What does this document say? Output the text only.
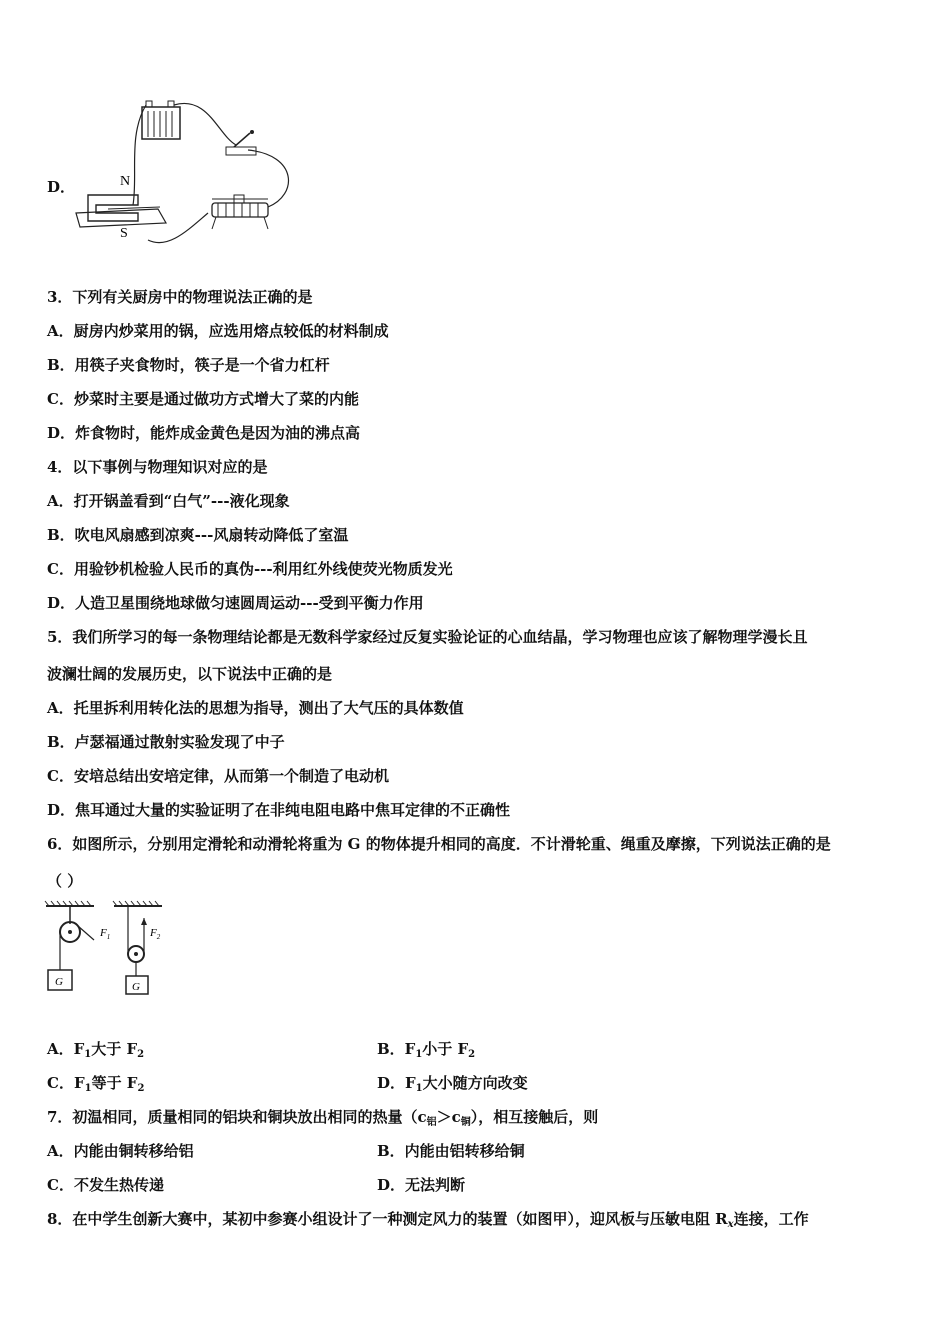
D．	N
S
3．下列有关厨房中的物理说法正确的是
A．厨房内炒菜用的锅，应选用熔点较低的材料制成
B．用筷子夹食物时，筷子是一个省力杠杆
C．炒菜时主要是通过做功方式增大了菜的内能
D．炸食物时，能炸成金黄色是因为油的沸点高
4．以下事例与物理知识对应的是
A．打开锅盖看到“白气”---液化现象
B．吹电风扇感到凉爽---风扇转动降低了室温
C．用验钞机检验人民币的真伪---利用红外线使荧光物质发光
D．人造卫星围绕地球做匀速圆周运动---受到平衡力作用
5．我们所学习的每一条物理结论都是无数科学家经过反复实验论证的心血结晶，学习物理也应该了解物理学漫长且
波澜壮阔的发展历史，以下说法中正确的是
A．托里拆利用转化法的思想为指导，测出了大气压的具体数值
B．卢瑟福通过散射实验发现了中子
C．安培总结出安培定律，从而第一个制造了电动机
D．焦耳通过大量的实验证明了在非纯电阻电路中焦耳定律的不正确性
6．如图所示，分别用定滑轮和动滑轮将重为 G 的物体提升相同的高度．不计滑轮重、绳重及摩擦，下列说法正确的是
（ ）
$F_1$
G
$F_2$
G
A．$F_1$大于 $F_2$	B．$F_1$小于 $F_2$
C．$F_1$等于 $F_2$	D．$F_1$大小随方向改变
7．初温相同，质量相同的铝块和铜块放出相同的热量$(c_铝>c_铜)$，相互接触后，则
A．内能由铜转移给铝	B．内能由铝转移给铜
C．不发生热传递	D．无法判断
8．在中学生创新大赛中，某初中参赛小组设计了一种测定风力的装置（如图甲），迎风板与压敏电阻 $R_x$连接，工作
